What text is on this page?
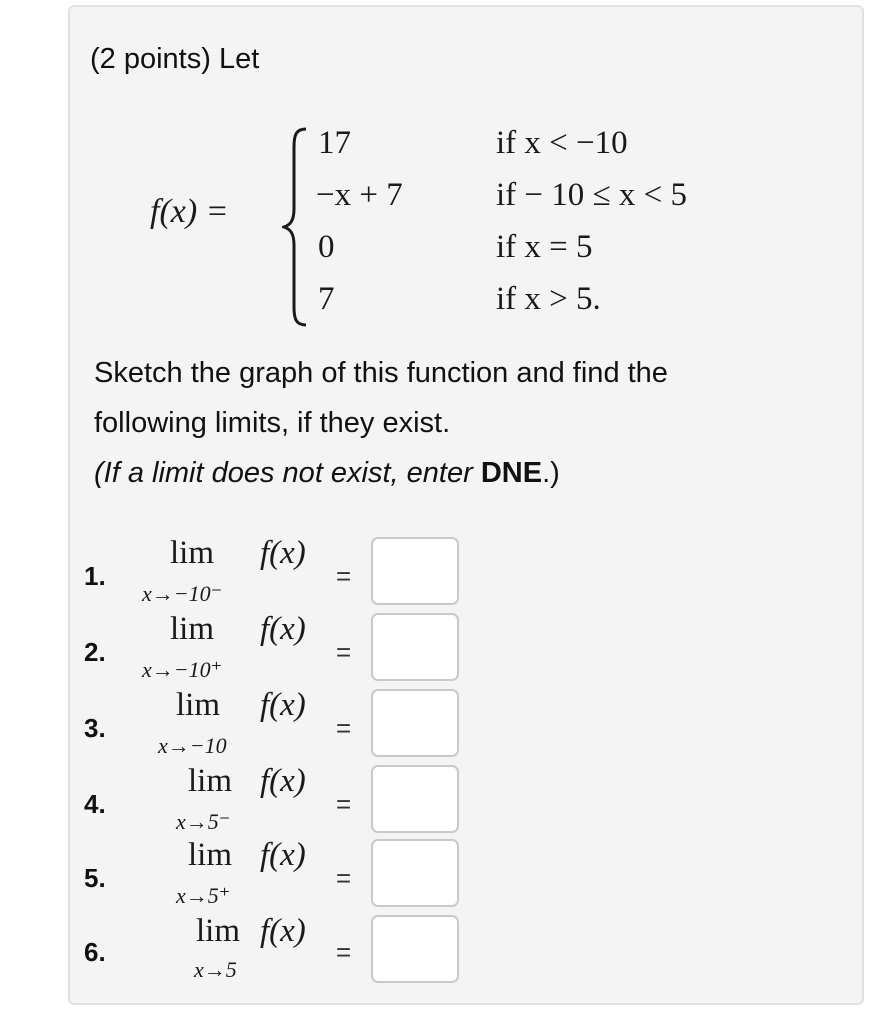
(2 points) Let
f(x) =
17	if x < −10
−x + 7	if − 10 ≤ x < 5
0	if x = 5
7	if x > 5.
Sketch the graph of this function and find the
following limits, if they exist.
(If a limit does not exist, enter DNE.)
1.
lim f(x)
=
x→−10⁻
2.
lim f(x)
=
x→−10⁺
3.
lim f(x)
=
x→−10
4.
lim f(x)
=
x→5⁻
5.
lim f(x)
=
x→5⁺
6.
lim f(x)
=
x→5
